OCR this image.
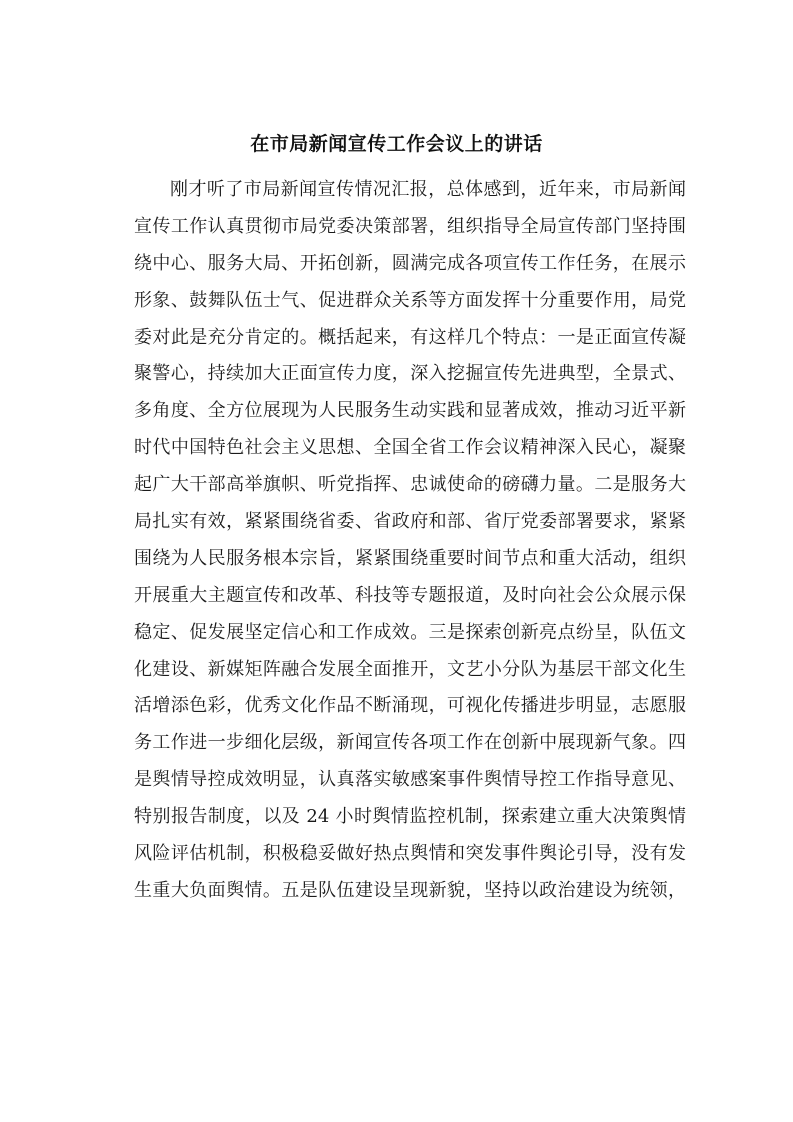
在市局新闻宣传工作会议上的讲话
刚才听了市局新闻宣传情况汇报，总体感到，近年来，市局新闻
宣传工作认真贯彻市局党委决策部署，组织指导全局宣传部门坚持围
绕中心、服务大局、开拓创新，圆满完成各项宣传工作任务，在展示
形象、鼓舞队伍士气、促进群众关系等方面发挥十分重要作用，局党
委对此是充分肯定的。概括起来，有这样几个特点：一是正面宣传凝
聚警心，持续加大正面宣传力度，深入挖掘宣传先进典型，全景式、
多角度、全方位展现为人民服务生动实践和显著成效，推动习近平新
时代中国特色社会主义思想、全国全省工作会议精神深入民心，凝聚
起广大干部高举旗帜、听党指挥、忠诚使命的磅礴力量。二是服务大
局扎实有效，紧紧围绕省委、省政府和部、省厅党委部署要求，紧紧
围绕为人民服务根本宗旨，紧紧围绕重要时间节点和重大活动，组织
开展重大主题宣传和改革、科技等专题报道，及时向社会公众展示保
稳定、促发展坚定信心和工作成效。三是探索创新亮点纷呈，队伍文
化建设、新媒矩阵融合发展全面推开，文艺小分队为基层干部文化生
活增添色彩，优秀文化作品不断涌现，可视化传播进步明显，志愿服
务工作进一步细化层级，新闻宣传各项工作在创新中展现新气象。四
是舆情导控成效明显，认真落实敏感案事件舆情导控工作指导意见、
特别报告制度，以及 24 小时舆情监控机制，探索建立重大决策舆情
风险评估机制，积极稳妥做好热点舆情和突发事件舆论引导，没有发
生重大负面舆情。五是队伍建设呈现新貌，坚持以政治建设为统领，
